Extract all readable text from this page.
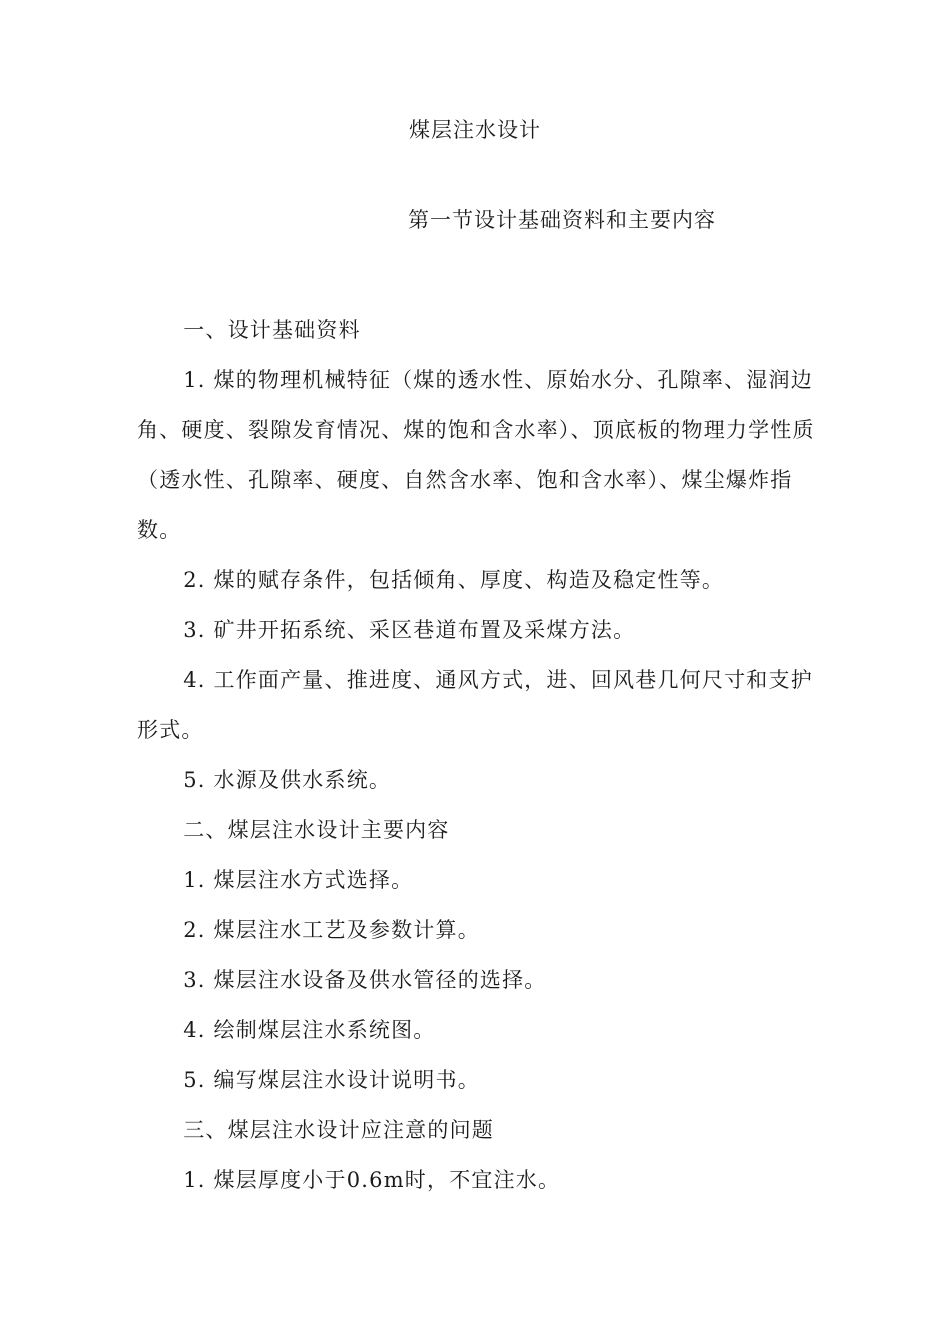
煤层注水设计
第一节设计基础资料和主要内容

一、设计基础资料

1. 煤的物理机械特征（煤的透水性、原始水分、孔隙率、湿润边角、硬度、裂隙发育情况、煤的饱和含水率）、顶底板的物理力学性质（透水性、孔隙率、硬度、自然含水率、饱和含水率）、煤尘爆炸指数。

2. 煤的赋存条件，包括倾角、厚度、构造及稳定性等。

3. 矿井开拓系统、采区巷道布置及采煤方法。

4. 工作面产量、推进度、通风方式，进、回风巷几何尺寸和支护形式。

5. 水源及供水系统。

二、煤层注水设计主要内容

1. 煤层注水方式选择。

2. 煤层注水工艺及参数计算。

3. 煤层注水设备及供水管径的选择。

4. 绘制煤层注水系统图。

5. 编写煤层注水设计说明书。

三、煤层注水设计应注意的问题

1. 煤层厚度小于0.6m时，不宜注水。
